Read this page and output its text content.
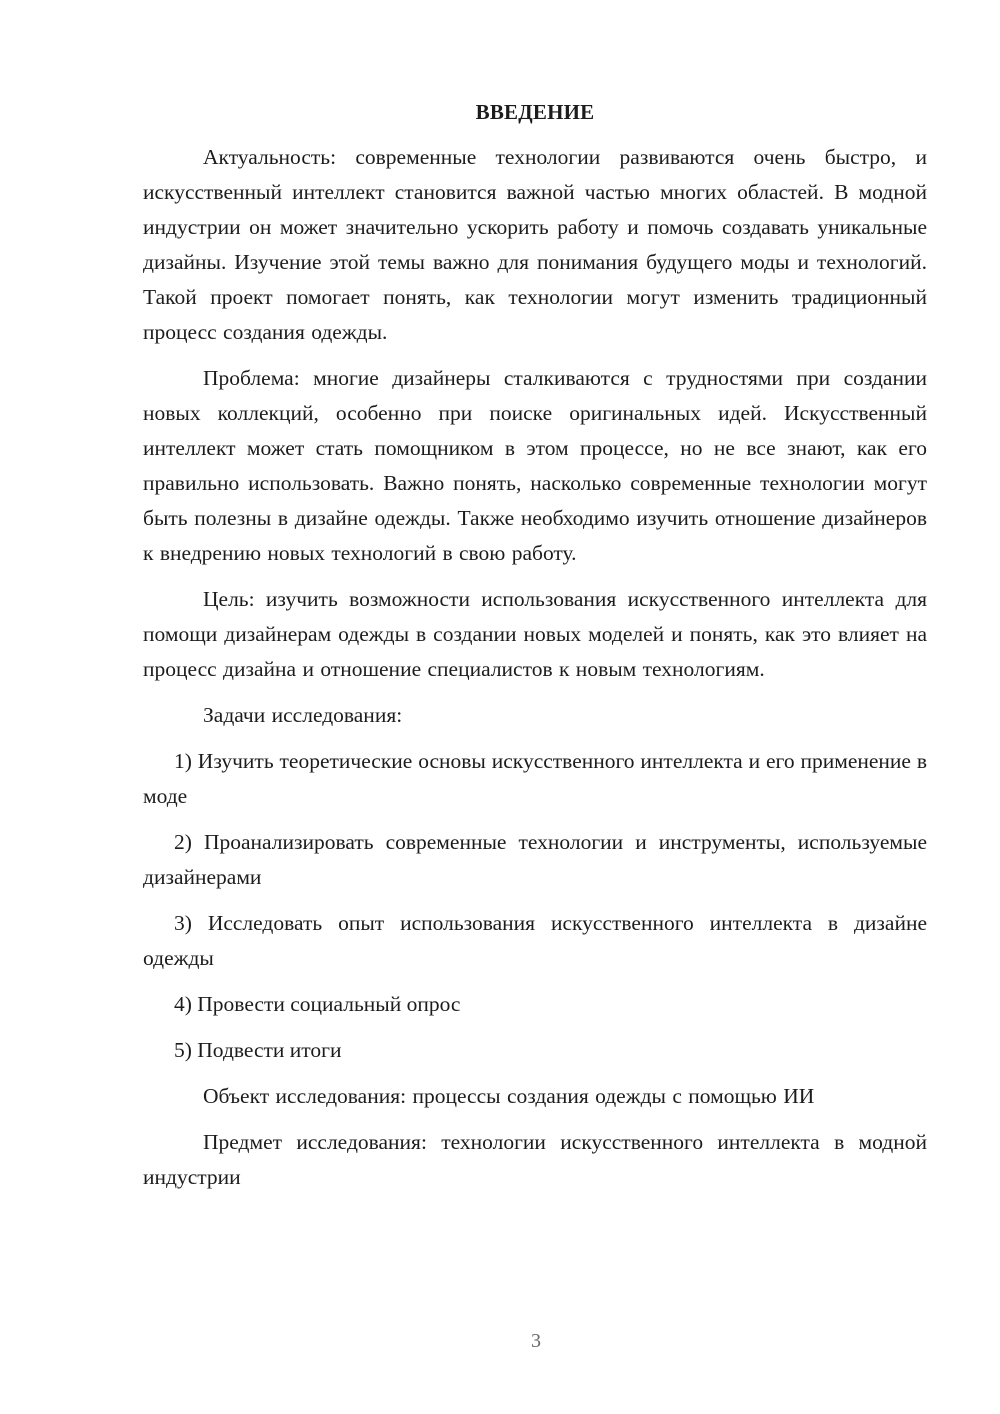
ВВЕДЕНИЕ

Актуальность: современные технологии развиваются очень быстро, и искусственный интеллект становится важной частью многих областей. В модной индустрии он может значительно ускорить работу и помочь создавать уникальные дизайны. Изучение этой темы важно для понимания будущего моды и технологий. Такой проект помогает понять, как технологии могут изменить традиционный процесс создания одежды.

Проблема: многие дизайнеры сталкиваются с трудностями при создании новых коллекций, особенно при поиске оригинальных идей. Искусственный интеллект может стать помощником в этом процессе, но не все знают, как его правильно использовать. Важно понять, насколько современные технологии могут быть полезны в дизайне одежды. Также необходимо изучить отношение дизайнеров к внедрению новых технологий в свою работу.

Цель: изучить возможности использования искусственного интеллекта для помощи дизайнерам одежды в создании новых моделей и понять, как это влияет на процесс дизайна и отношение специалистов к новым технологиям.

Задачи исследования:

1) Изучить теоретические основы искусственного интеллекта и его применение в моде

2) Проанализировать современные технологии и инструменты, используемые дизайнерами

3) Исследовать опыт использования искусственного интеллекта в дизайне одежды

4) Провести социальный опрос

5) Подвести итоги

Объект исследования: процессы создания одежды с помощью ИИ

Предмет исследования: технологии искусственного интеллекта в модной индустрии

3
